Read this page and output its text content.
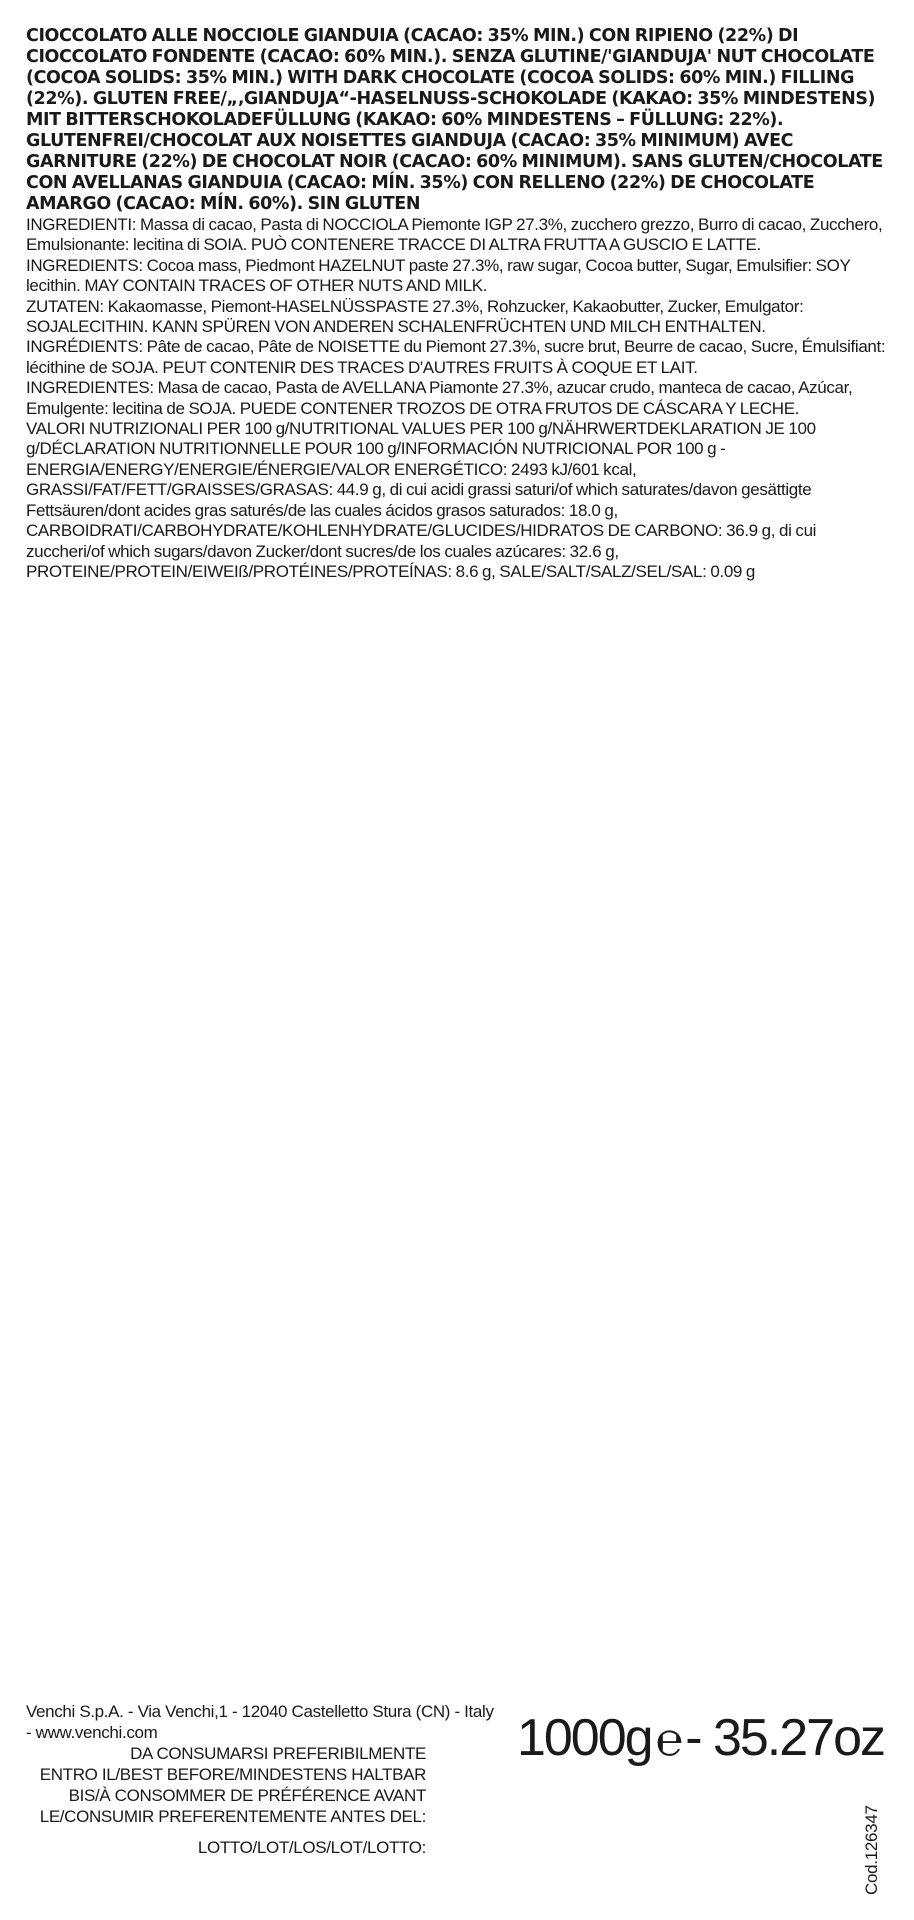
CIOCCOLATO ALLE NOCCIOLE GIANDUIA (CACAO: 35% MIN.) CON RIPIENO (22%) DI CIOCCOLATO FONDENTE (CACAO: 60% MIN.). SENZA GLUTINE/'GIANDUJA' NUT CHOCOLATE (COCOA SOLIDS: 35% MIN.) WITH DARK CHOCOLATE (COCOA SOLIDS: 60% MIN.) FILLING (22%). GLUTEN FREE/„‚GIANDUJA“-HASELNUSS-SCHOKOLADE (KAKAO: 35% MINDESTENS) MIT BITTERSCHOKOLADEFÜLLUNG (KAKAO: 60% MINDESTENS – FÜLLUNG: 22%). GLUTENFREI/CHOCOLAT AUX NOISETTES GIANDUJA (CACAO: 35% MINIMUM) AVEC GARNITURE (22%) DE CHOCOLAT NOIR (CACAO: 60% MINIMUM). SANS GLUTEN/CHOCOLATE CON AVELLANAS GIANDUIA (CACAO: MÍN. 35%) CON RELLENO (22%) DE CHOCOLATE AMARGO (CACAO: MÍN. 60%). SIN GLUTEN

INGREDIENTI: Massa di cacao, Pasta di NOCCIOLA Piemonte IGP 27.3%, zucchero grezzo, Burro di cacao, Zucchero, Emulsionante: lecitina di SOIA. PUÒ CONTENERE TRACCE DI ALTRA FRUTTA A GUSCIO E LATTE.

INGREDIENTS: Cocoa mass, Piedmont HAZELNUT paste 27.3%, raw sugar, Cocoa butter, Sugar, Emulsifier: SOY lecithin. MAY CONTAIN TRACES OF OTHER NUTS AND MILK.

ZUTATEN: Kakaomasse, Piemont-HASELNÜSSPASTE 27.3%, Rohzucker, Kakaobutter, Zucker, Emulgator: SOJALECITHIN. KANN SPÜREN VON ANDEREN SCHALENFRÜCHTEN UND MILCH ENTHALTEN.

INGRÉDIENTS: Pâte de cacao, Pâte de NOISETTE du Piemont 27.3%, sucre brut, Beurre de cacao, Sucre, Émulsifiant: lécithine de SOJA. PEUT CONTENIR DES TRACES D'AUTRES FRUITS À COQUE ET LAIT.

INGREDIENTES: Masa de cacao, Pasta de AVELLANA Piamonte 27.3%, azucar crudo, manteca de cacao, Azúcar, Emulgente: lecitina de SOJA. PUEDE CONTENER TROZOS DE OTRA FRUTOS DE CÁSCARA Y LECHE.

VALORI NUTRIZIONALI PER 100 g/NUTRITIONAL VALUES PER 100 g/NÄHRWERTDEKLARATION JE 100 g/DÉCLARATION NUTRITIONNELLE POUR 100 g/INFORMACIÓN NUTRICIONAL POR 100 g -

ENERGIA/ENERGY/ENERGIE/ÉNERGIE/VALOR ENERGÉTICO: 2493 kJ/601 kcal,

GRASSI/FAT/FETT/GRAISSES/GRASAS: 44.9 g, di cui acidi grassi saturi/of which saturates/davon gesättigte Fettsäuren/dont acides gras saturés/de las cuales ácidos grasos saturados: 18.0 g,

CARBOIDRATI/CARBOHYDRATE/KOHLENHYDRATE/GLUCIDES/HIDRATOS DE CARBONO: 36.9 g, di cui zuccheri/of which sugars/davon Zucker/dont sucres/de los cuales azúcares: 32.6 g,

PROTEINE/PROTEIN/EIWEIß/PROTÉINES/PROTEÍNAS: 8.6 g, SALE/SALT/SALZ/SEL/SAL: 0.09 g

Venchi S.p.A. - Via Venchi,1 - 12040 Castelletto Stura (CN) - Italy - www.venchi.com
DA CONSUMARSI PREFERIBILMENTE
ENTRO IL/BEST BEFORE/MINDESTENS HALTBAR
BIS/À CONSOMMER DE PRÉFÉRENCE AVANT
LE/CONSUMIR PREFERENTEMENTE ANTES DEL:
LOTTO/LOT/LOS/LOT/LOTTO:
1000g℮- 35.27oz
Cod.126347
